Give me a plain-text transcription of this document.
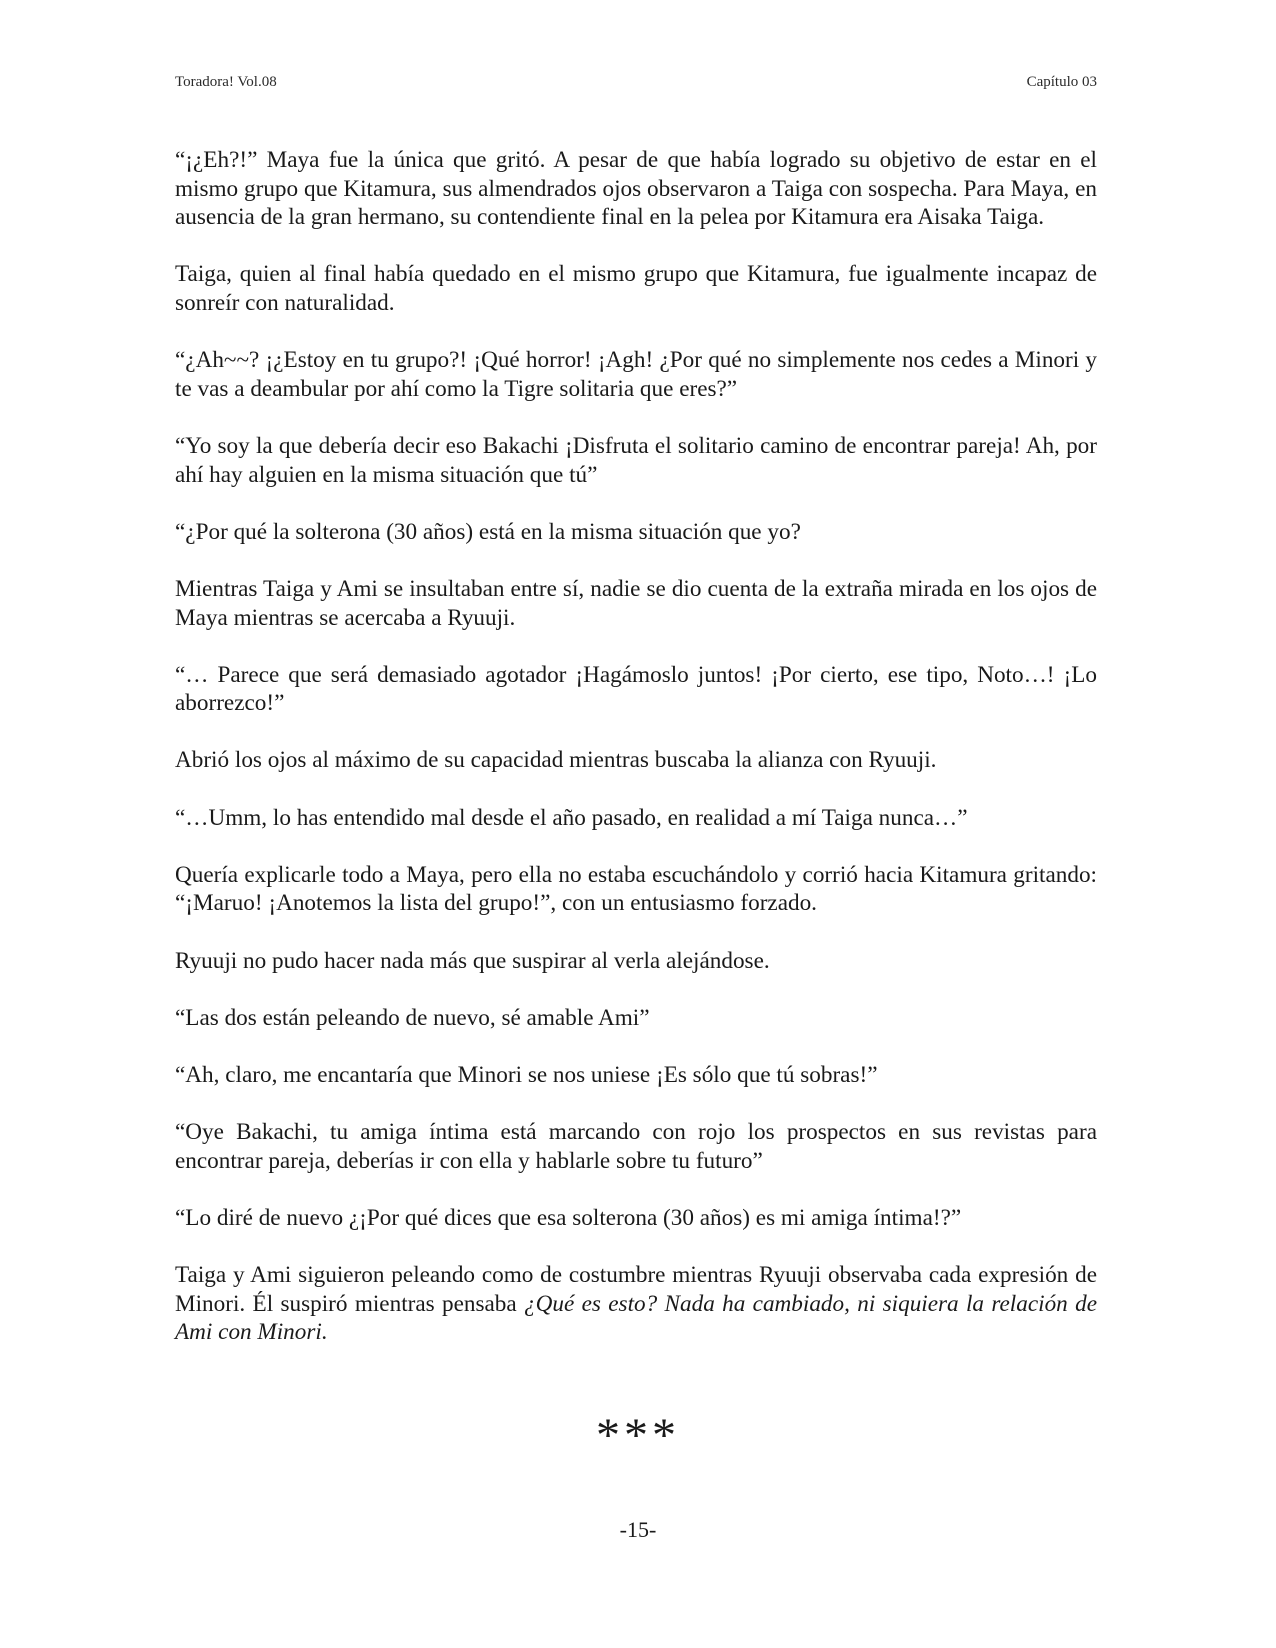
Toradora! Vol.08	Capítulo 03

“¡¿Eh?!” Maya fue la única que gritó. A pesar de que había logrado su objetivo de estar en el mismo grupo que Kitamura, sus almendrados ojos observaron a Taiga con sospecha. Para Maya, en ausencia de la gran hermano, su contendiente final en la pelea por Kitamura era Aisaka Taiga.

Taiga, quien al final había quedado en el mismo grupo que Kitamura, fue igualmente incapaz de sonreír con naturalidad.

“¿Ah~~? ¡¿Estoy en tu grupo?! ¡Qué horror! ¡Agh! ¿Por qué no simplemente nos cedes a Minori y te vas a deambular por ahí como la Tigre solitaria que eres?”

“Yo soy la que debería decir eso Bakachi ¡Disfruta el solitario camino de encontrar pareja! Ah, por ahí hay alguien en la misma situación que tú”

“¿Por qué la solterona (30 años) está en la misma situación que yo?

Mientras Taiga y Ami se insultaban entre sí, nadie se dio cuenta de la extraña mirada en los ojos de Maya mientras se acercaba a Ryuuji.

“… Parece que será demasiado agotador ¡Hagámoslo juntos! ¡Por cierto, ese tipo, Noto…! ¡Lo aborrezco!”

Abrió los ojos al máximo de su capacidad mientras buscaba la alianza con Ryuuji.

“…Umm, lo has entendido mal desde el año pasado, en realidad a mí Taiga nunca…”

Quería explicarle todo a Maya, pero ella no estaba escuchándolo y corrió hacia Kitamura gritando: “¡Maruo! ¡Anotemos la lista del grupo!”, con un entusiasmo forzado.

Ryuuji no pudo hacer nada más que suspirar al verla alejándose.

“Las dos están peleando de nuevo, sé amable Ami”

“Ah, claro, me encantaría que Minori se nos uniese ¡Es sólo que tú sobras!”

“Oye Bakachi, tu amiga íntima está marcando con rojo los prospectos en sus revistas para encontrar pareja, deberías ir con ella y hablarle sobre tu futuro”

“Lo diré de nuevo ¿¡Por qué dices que esa solterona (30 años) es mi amiga íntima!?”

Taiga y Ami siguieron peleando como de costumbre mientras Ryuuji observaba cada expresión de Minori. Él suspiró mientras pensaba ¿Qué es esto? Nada ha cambiado, ni siquiera la relación de Ami con Minori.

***
-15-
